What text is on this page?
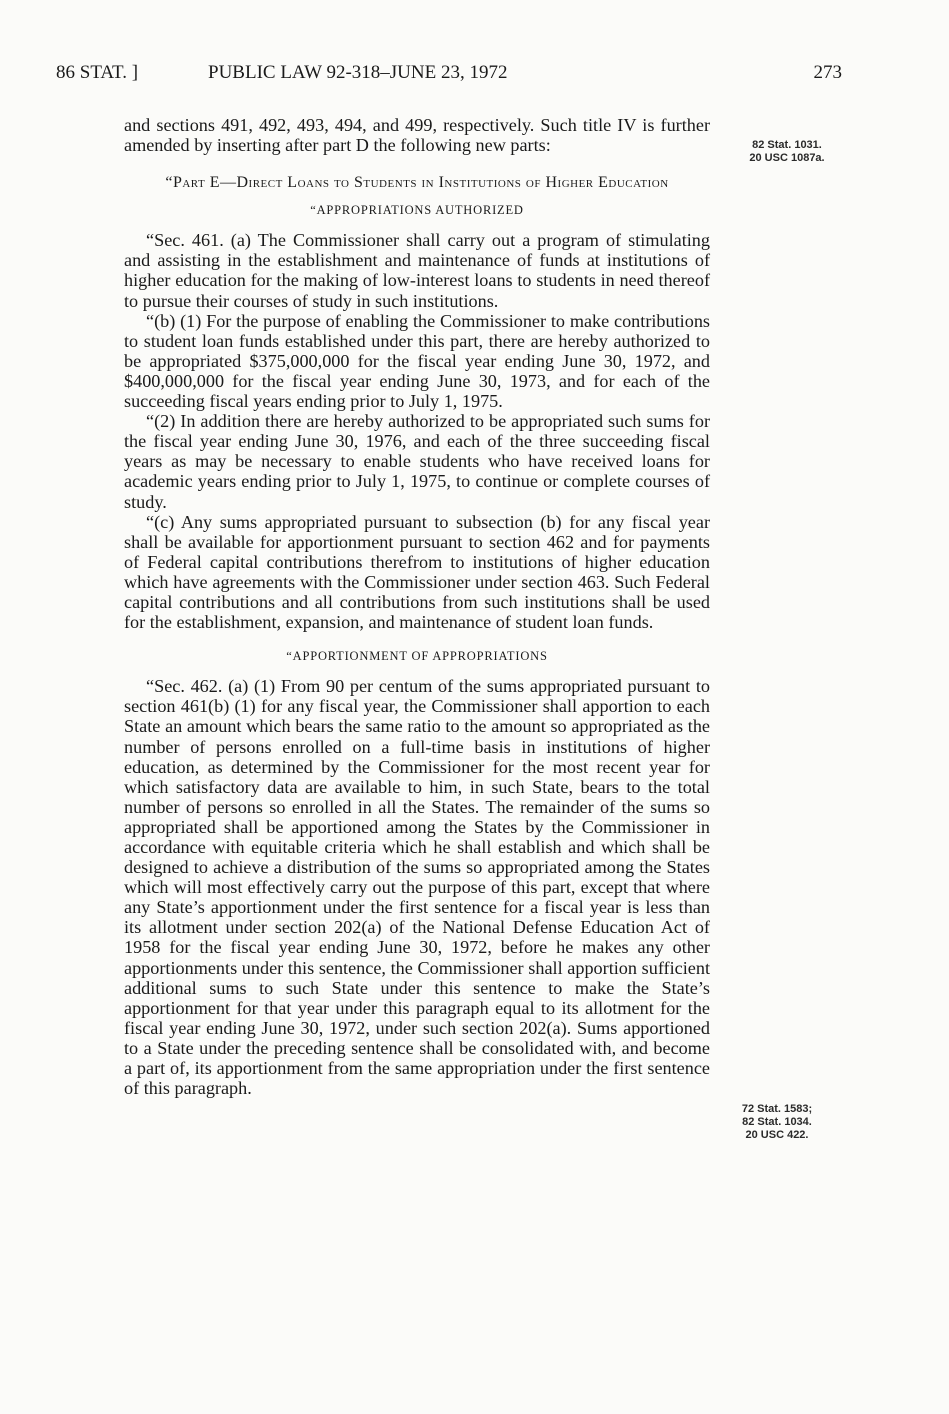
86 STAT. ]	PUBLIC LAW 92-318–JUNE 23, 1972	273
82 Stat. 1031.
20 USC 1087a.
72 Stat. 1583;
82 Stat. 1034.
20 USC 422.

and sections 491, 492, 493, 494, and 499, respectively. Such title IV is further amended by inserting after part D the following new parts:

“Part E—Direct Loans to Students in Institutions of Higher Education
“APPROPRIATIONS AUTHORIZED

“Sec. 461. (a) The Commissioner shall carry out a program of stimulating and assisting in the establishment and maintenance of funds at institutions of higher education for the making of low-interest loans to students in need thereof to pursue their courses of study in such institutions.

“(b) (1) For the purpose of enabling the Commissioner to make contributions to student loan funds established under this part, there are hereby authorized to be appropriated $375,000,000 for the fiscal year ending June 30, 1972, and $400,000,000 for the fiscal year ending June 30, 1973, and for each of the succeeding fiscal years ending prior to July 1, 1975.

“(2) In addition there are hereby authorized to be appropriated such sums for the fiscal year ending June 30, 1976, and each of the three succeeding fiscal years as may be necessary to enable students who have received loans for academic years ending prior to July 1, 1975, to continue or complete courses of study.

“(c) Any sums appropriated pursuant to subsection (b) for any fiscal year shall be available for apportionment pursuant to section 462 and for payments of Federal capital contributions therefrom to institutions of higher education which have agreements with the Commissioner under section 463. Such Federal capital contributions and all contributions from such institutions shall be used for the establishment, expansion, and maintenance of student loan funds.

“APPORTIONMENT OF APPROPRIATIONS

“Sec. 462. (a) (1) From 90 per centum of the sums appropriated pursuant to section 461(b) (1) for any fiscal year, the Commissioner shall apportion to each State an amount which bears the same ratio to the amount so appropriated as the number of persons enrolled on a full-time basis in institutions of higher education, as determined by the Commissioner for the most recent year for which satisfactory data are available to him, in such State, bears to the total number of persons so enrolled in all the States. The remainder of the sums so appropriated shall be apportioned among the States by the Commissioner in accordance with equitable criteria which he shall establish and which shall be designed to achieve a distribution of the sums so appropriated among the States which will most effectively carry out the purpose of this part, except that where any State’s apportionment under the first sentence for a fiscal year is less than its allotment under section 202(a) of the National Defense Education Act of 1958 for the fiscal year ending June 30, 1972, before he makes any other apportionments under this sentence, the Commissioner shall apportion sufficient additional sums to such State under this sentence to make the State’s apportionment for that year under this paragraph equal to its allotment for the fiscal year ending June 30, 1972, under such section 202(a). Sums apportioned to a State under the preceding sentence shall be consolidated with, and become a part of, its apportionment from the same appropriation under the first sentence of this paragraph.
